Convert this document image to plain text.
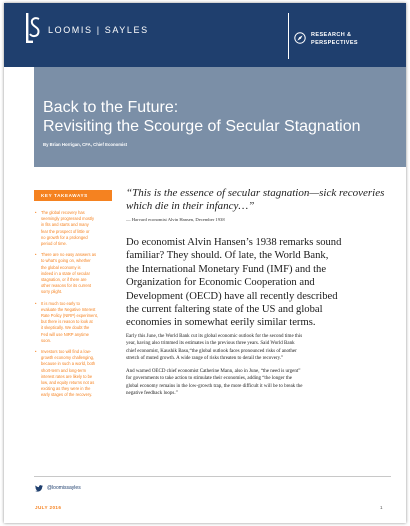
LOOMIS | SAYLES	RESEARCH &
PERSPECTIVES
Back to the Future:
Revisiting the Scourge of Secular Stagnation
By Brian Horrigan, CFA, Chief Economist
KEY TAKEAWAYS
• The global recovery has
seemingly progressed mostly
in fits and starts and many
fear the prospect of little or
no growth for a prolonged
period of time.
• There are no easy answers as
to what's going on, whether
the global economy is
indeed in a state of secular
stagnation, or if there are
other reasons for its current
sorry plight.
• It is much too early to
evaluate the Negative Interest
Rate Policy (NIRP) experiment,
but there is reason to look at
it skeptically. We doubt the
Fed will use NIRP anytime
soon.
• Investors too will find a low-
growth economy challenging,
because in such a world, both
short-term and long-term
interest rates are likely to be
low, and equity returns not as
exciting as they were in the
early stages of the recovery.
“This is the essence of secular stagnation—sick recoveries
which die in their infancy…”
— Harvard economist Alvin Hansen, December 1938
Do economist Alvin Hansen’s 1938 remarks sound
familiar? They should. Of late, the World Bank,
the International Monetary Fund (IMF) and the
Organization for Economic Cooperation and
Development (OECD) have all recently described
the current faltering state of the US and global
economies in somewhat eerily similar terms.
Early this June, the World Bank cut its global economic outlook for the second time this
year, having also trimmed its estimates in the previous three years. Said World Bank
chief economist, Kaushik Basu,“the global outlook faces pronounced risks of another
stretch of muted growth. A wide range of risks threaten to derail the recovery.”
And warned OECD chief economist Catherine Mann, also in June, “the need is urgent”
for governments to take action to stimulate their economies, adding “the longer the
global economy remains in the low-growth trap, the more difficult it will be to break the
negative feedback loops.”
@loomissayles
JULY 2016	1
